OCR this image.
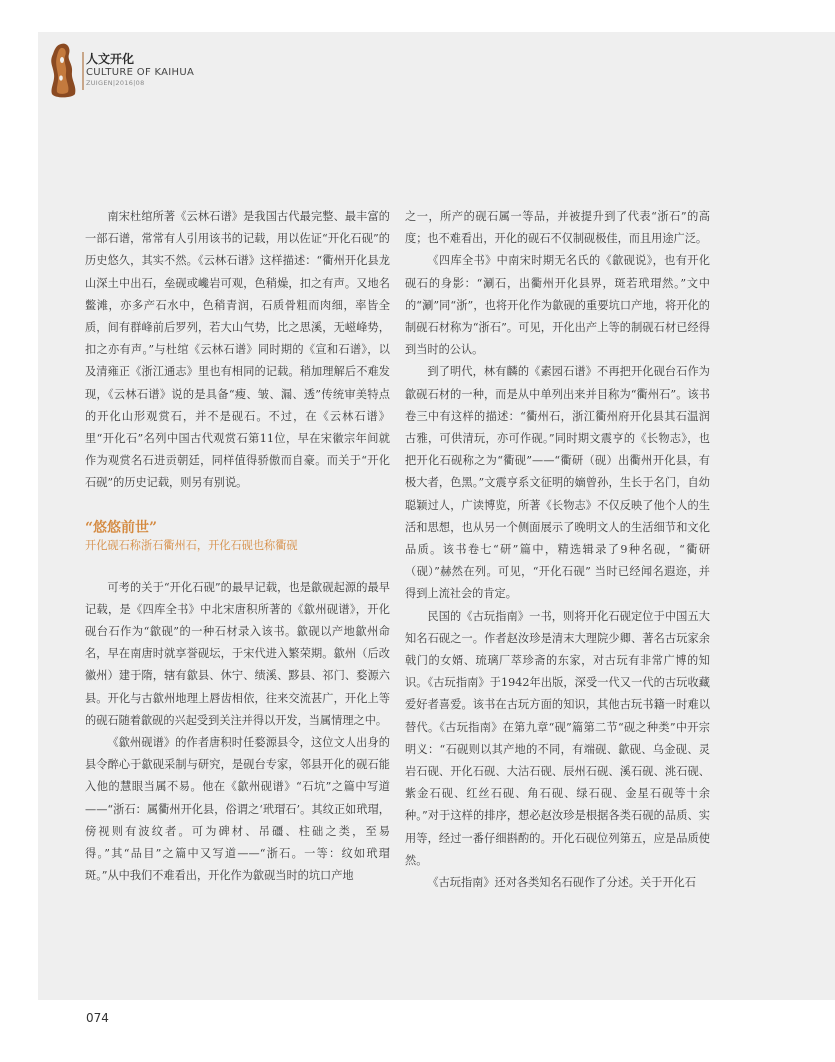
人文开化
CULTURE OF KAIHUA
ZUIGEN|2016|08

南宋杜绾所著《云林石谱》是我国古代最完整、最丰富的一部石谱，常常有人引用该书的记载，用以佐证“开化石砚”的历史悠久，其实不然。《云林石谱》这样描述：“衢州开化县龙山深土中出石，垒砚或巉岩可观，色稍燥，扣之有声。又地名鳖滩，亦多产石水中，色稍青润，石质骨粗而肉细，率皆全质，间有群峰前后罗列，若大山气势，比之思溪，无嵫峰势，扣之亦有声。”与杜绾《云林石谱》同时期的《宣和石谱》，以及清雍正《浙江通志》里也有相同的记载。稍加理解后不难发现，《云林石谱》说的是具备“瘦、皱、漏、透”传统审美特点的开化山形观赏石，并不是砚石。不过，在《云林石谱》里“开化石”名列中国古代观赏石第11位，早在宋徽宗年间就作为观赏名石进贡朝廷，同样值得骄傲而自豪。而关于“开化石砚”的历史记载，则另有别说。

“悠悠前世”
开化砚石称浙石衢州石，开化石砚也称衢砚

可考的关于“开化石砚”的最早记载，也是歙砚起源的最早记载，是《四库全书》中北宋唐积所著的《歙州砚谱》，开化砚台石作为“歙砚”的一种石材录入该书。歙砚以产地歙州命名，早在南唐时就享誉砚坛，于宋代进入繁荣期。歙州（后改徽州）建于隋，辖有歙县、休宁、绩溪、黟县、祁门、婺源六县。开化与古歙州地理上唇齿相依，往来交流甚广，开化上等的砚石随着歙砚的兴起受到关注并得以开发，当属情理之中。

《歙州砚谱》的作者唐积时任婺源县令，这位文人出身的县令醉心于歙砚采制与研究，是砚台专家，邻县开化的砚石能入他的慧眼当属不易。他在《歙州砚谱》“石坑”之篇中写道——“浙石：属衢州开化县，俗谓之‘玳瑁石’。其纹正如玳瑁，傍视则有波纹者。可为碑材、吊礓、柱础之类，至易得。”其“品目”之篇中又写道——“浙石。一等：纹如玳瑁斑。”从中我们不难看出，开化作为歙砚当时的坑口产地

之一，所产的砚石属一等品，并被提升到了代表“浙石”的高度；也不难看出，开化的砚石不仅制砚极佳，而且用途广泛。

《四库全书》中南宋时期无名氏的《歙砚说》，也有开化砚石的身影：“涮石，出衢州开化县界，斑若玳瑁然。”文中的“涮”同“浙”，也将开化作为歙砚的重要坑口产地，将开化的制砚石材称为“浙石”。可见，开化出产上等的制砚石材已经得到当时的公认。

到了明代，林有麟的《素园石谱》不再把开化砚台石作为歙砚石材的一种，而是从中单列出来并目称为“衢州石”。该书卷三中有这样的描述：“衢州石，浙江衢州府开化县其石温润古雅，可供清玩，亦可作砚。”同时期文震亨的《长物志》，也把开化石砚称之为“衢砚”——“衢研（砚）出衢州开化县，有极大者，色黑。”文震亨系文征明的嫡曾孙，生长于名门，自幼聪颖过人，广读博览，所著《长物志》不仅反映了他个人的生活和思想，也从另一个侧面展示了晚明文人的生活细节和文化品质。该书卷七“研”篇中，精选辑录了9种名砚，“衢研（砚）”赫然在列。可见，“开化石砚” 当时已经闻名遐迩，并得到上流社会的肯定。

民国的《古玩指南》一书，则将开化石砚定位于中国五大知名石砚之一。作者赵汝珍是清末大理院少卿、著名古玩家余戟门的女婿、琉璃厂萃珍斋的东家，对古玩有非常广博的知识。《古玩指南》于1942年出版，深受一代又一代的古玩收藏爱好者喜爱。该书在古玩方面的知识，其他古玩书籍一时难以替代。《古玩指南》在第九章“砚”篇第二节“砚之种类”中开宗明义：“石砚则以其产地的不同，有端砚、歙砚、乌金砚、灵岩石砚、开化石砚、大沽石砚、辰州石砚、溪石砚、洮石砚、紫金石砚、红丝石砚、角石砚、绿石砚、金星石砚等十余种。”对于这样的排序，想必赵汝珍是根据各类石砚的品质、实用等，经过一番仔细斟酌的。开化石砚位列第五，应是品质使然。

《古玩指南》还对各类知名石砚作了分述。关于开化石

074
